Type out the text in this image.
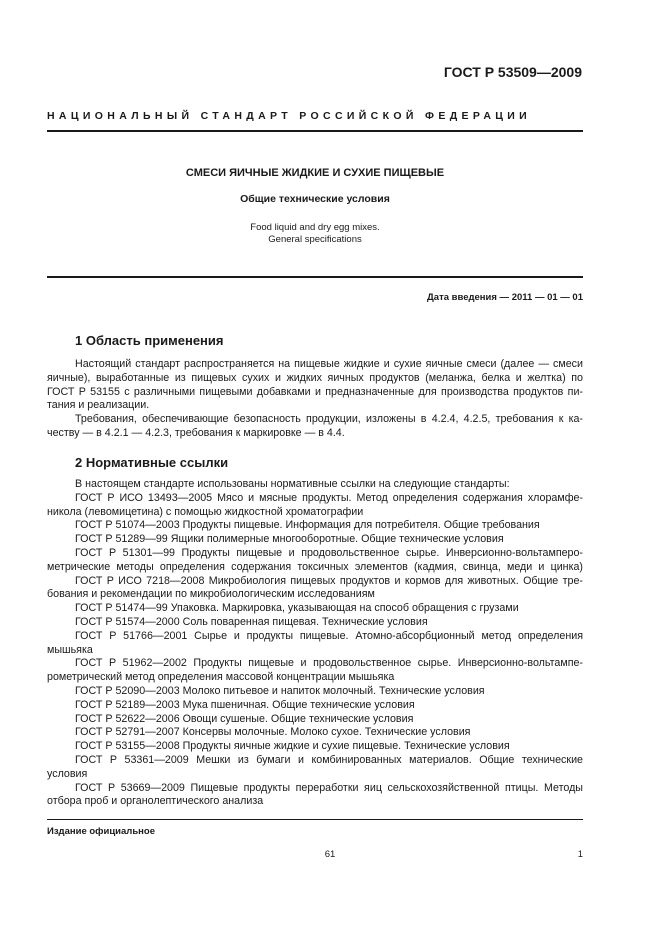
ГОСТ Р 53509—2009
НАЦИОНАЛЬНЫЙ СТАНДАРТ РОССИЙСКОЙ ФЕДЕРАЦИИ
СМЕСИ ЯИЧНЫЕ ЖИДКИЕ И СУХИЕ ПИЩЕВЫЕ
Общие технические условия
Food liquid and dry egg mixes.
General specifications
Дата введения — 2011 — 01 — 01
1 Область применения
Настоящий стандарт распространяется на пищевые жидкие и сухие яичные смеси (далее — смеси
яичные), выработанные из пищевых сухих и жидких яичных продуктов (меланжа, белка и желтка) по
ГОСТ Р 53155 с различными пищевыми добавками и предназначенные для производства продуктов пи-
тания и реализации.
Требования, обеспечивающие безопасность продукции, изложены в 4.2.4, 4.2.5, требования к ка-
честву — в 4.2.1 — 4.2.3, требования к маркировке — в 4.4.
2 Нормативные ссылки
В настоящем стандарте использованы нормативные ссылки на следующие стандарты:
ГОСТ Р ИСО 13493—2005 Мясо и мясные продукты. Метод определения содержания хлорамфе-
никола (левомицетина) с помощью жидкостной хроматографии
ГОСТ Р 51074—2003 Продукты пищевые. Информация для потребителя. Общие требования
ГОСТ Р 51289—99 Ящики полимерные многооборотные. Общие технические условия
ГОСТ Р 51301—99 Продукты пищевые и продовольственное сырье. Инверсионно-вольтамперо-
метрические методы определения содержания токсичных элементов (кадмия, свинца, меди и цинка)
ГОСТ Р ИСО 7218—2008 Микробиология пищевых продуктов и кормов для животных. Общие тре-
бования и рекомендации по микробиологическим исследованиям
ГОСТ Р 51474—99 Упаковка. Маркировка, указывающая на способ обращения с грузами
ГОСТ Р 51574—2000 Соль поваренная пищевая. Технические условия
ГОСТ Р 51766—2001 Сырье и продукты пищевые. Атомно-абсорбционный метод определения
мышьяка
ГОСТ Р 51962—2002 Продукты пищевые и продовольственное сырье. Инверсионно-вольтампе-
рометрический метод определения массовой концентрации мышьяка
ГОСТ Р 52090—2003 Молоко питьевое и напиток молочный. Технические условия
ГОСТ Р 52189—2003 Мука пшеничная. Общие технические условия
ГОСТ Р 52622—2006 Овощи сушеные. Общие технические условия
ГОСТ Р 52791—2007 Консервы молочные. Молоко сухое. Технические условия
ГОСТ Р 53155—2008 Продукты яичные жидкие и сухие пищевые. Технические условия
ГОСТ Р 53361—2009 Мешки из бумаги и комбинированных материалов. Общие технические
условия
ГОСТ Р 53669—2009 Пищевые продукты переработки яиц сельскохозяйственной птицы. Методы
отбора проб и органолептического анализа
Издание официальное
61	1
